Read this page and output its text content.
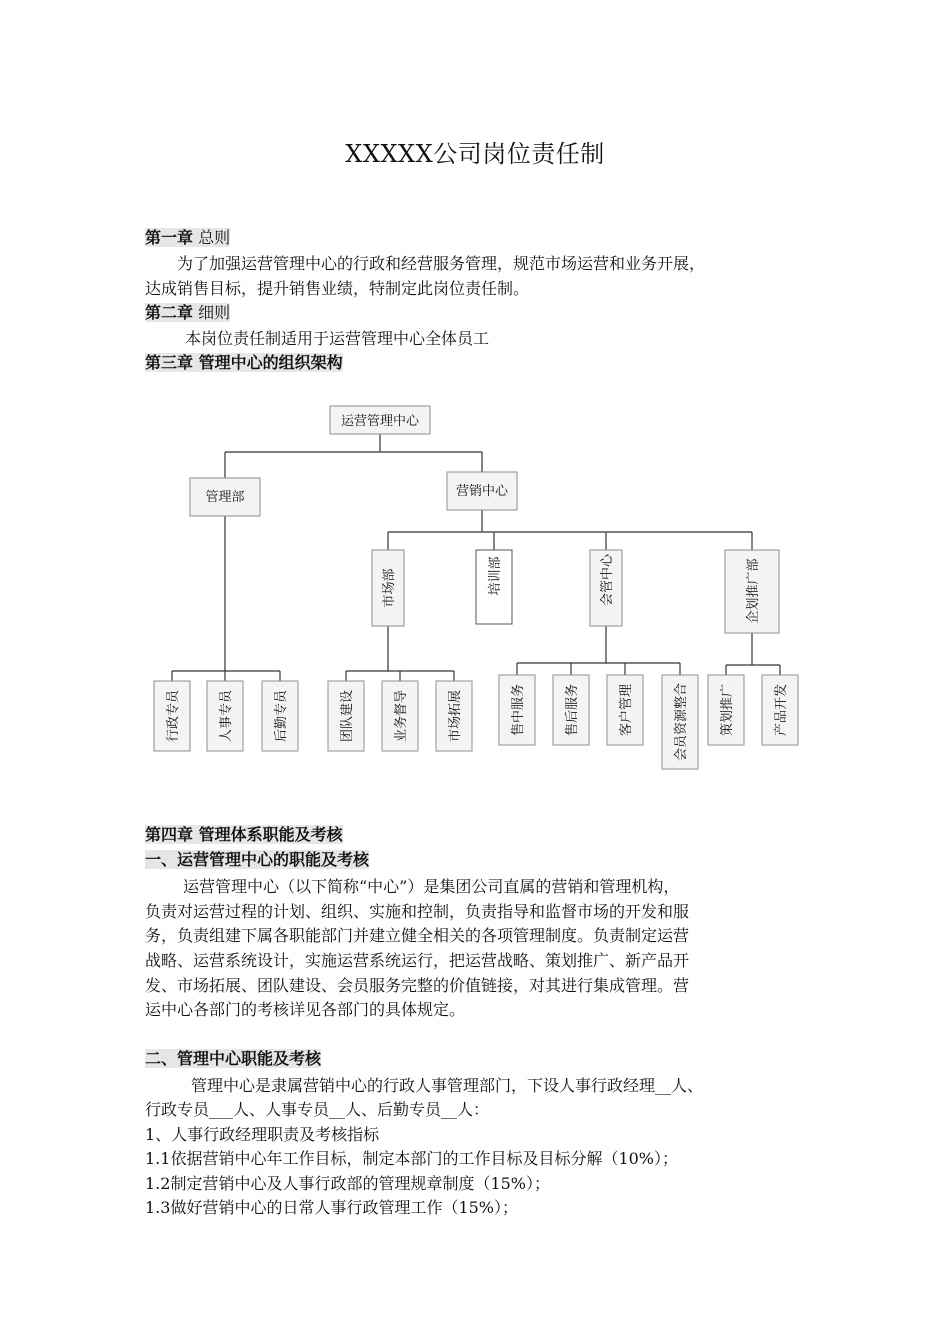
XXXXX公司岗位责任制
第一章 总则
为了加强运营管理中心的行政和经营服务管理，规范市场运营和业务开展，
达成销售目标，提升销售业绩，特制定此岗位责任制。
第二章 细则
本岗位责任制适用于运营管理中心全体员工
第三章 管理中心的组织架构
运营管理中心
管理部	营销中心
市场部	培训部	会管中心	企划推广部
行政专员	人事专员	后勤专员	团队建设	业务督导	市场拓展	售中服务	售后服务	客户管理	会员资源整合 策划推广	产品开发
第四章 管理体系职能及考核
一、运营管理中心的职能及考核
运营管理中心（以下简称“中心”）是集团公司直属的营销和管理机构，
负责对运营过程的计划、组织、实施和控制，负责指导和监督市场的开发和服
务，负责组建下属各职能部门并建立健全相关的各项管理制度。负责制定运营
战略、运营系统设计，实施运营系统运行，把运营战略、策划推广、新产品开
发、市场拓展、团队建设、会员服务完整的价值链接，对其进行集成管理。营
运中心各部门的考核详见各部门的具体规定。
二、管理中心职能及考核
管理中心是隶属营销中心的行政人事管理部门，下设人事行政经理__人、
行政专员___人、人事专员__人、后勤专员__人：
1、人事行政经理职责及考核指标
1.1依据营销中心年工作目标，制定本部门的工作目标及目标分解（10%）；
1.2制定营销中心及人事行政部的管理规章制度（15%）；
1.3做好营销中心的日常人事行政管理工作（15%）；
